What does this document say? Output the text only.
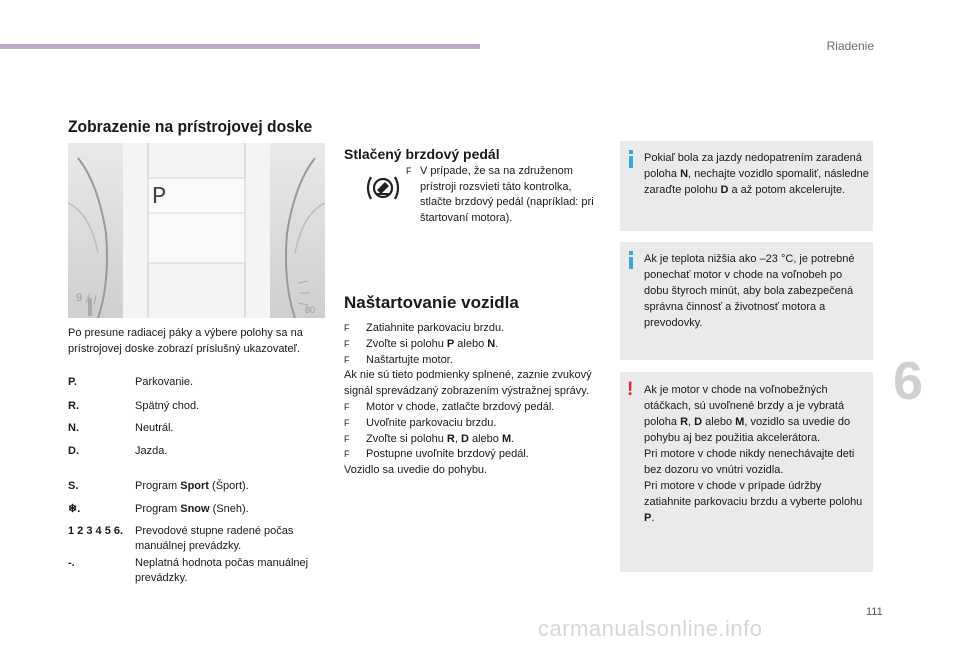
Riadenie
6
111
carmanualsonline.info
Zobrazenie na prístrojovej doske
P
9
80
Po presune radiacej páky a výbere polohy sa na prístrojovej doske zobrazí príslušný ukazovateľ.
P.	Parkovanie.
R.	Spätný chod.
N.	Neutrál.
D.	Jazda.
S.	Program Sport (Šport).
❄.	Program Snow (Sneh).
1 2 3 4 5 6. Prevodové stupne radené počas manuálnej prevádzky.
-.	Neplatná hodnota počas manuálnej prevádzky.
Stlačený brzdový pedál
F V prípade, že sa na združenom prístroji rozsvieti táto kontrolka, stlačte brzdový pedál (napríklad: pri štartovaní motora).
Naštartovanie vozidla
F Zatiahnite parkovaciu brzdu.
F Zvoľte si polohu P alebo N.
F Naštartujte motor.
Ak nie sú tieto podmienky splnené, zaznie zvukový signál sprevádzaný zobrazením výstražnej správy.
F Motor v chode, zatlačte brzdový pedál.
F Uvoľnite parkovaciu brzdu.
F Zvoľte si polohu R, D alebo M.
F Postupne uvoľnite brzdový pedál.
Vozidlo sa uvedie do pohybu.
Pokiaľ bola za jazdy nedopatrením zaradená poloha N, nechajte vozidlo spomaliť, následne zaraďte polohu D a až potom akcelerujte.
Ak je teplota nižšia ako –23 °C, je potrebné ponechať motor v chode na voľnobeh po dobu štyroch minút, aby bola zabezpečená správna činnosť a životnosť motora a prevodovky.
! Ak je motor v chode na voľnobežných otáčkach, sú uvoľnené brzdy a je vybratá poloha R, D alebo M, vozidlo sa uvedie do pohybu aj bez použitia akcelerátora.
Pri motore v chode nikdy nenechávajte deti bez dozoru vo vnútri vozidla.
Pri motore v chode v prípade údržby zatiahnite parkovaciu brzdu a vyberte polohu P.
